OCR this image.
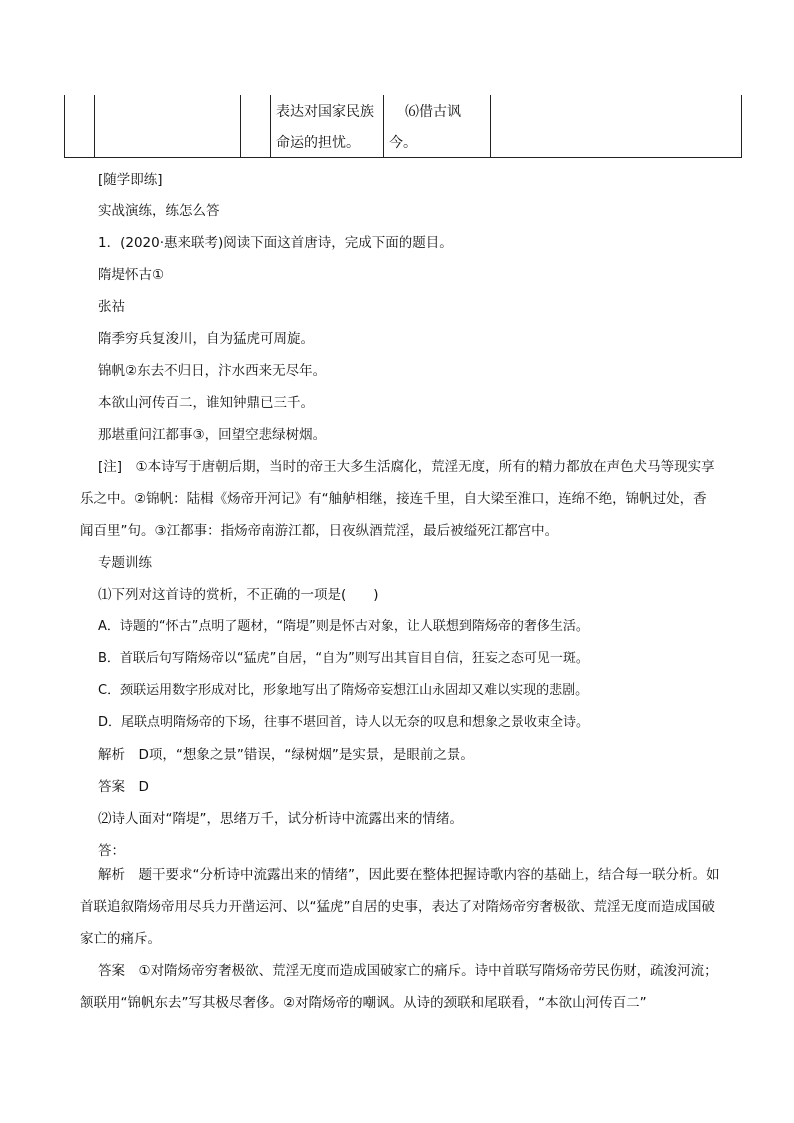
表达对国家民族
命运的担忧。
⑹借古讽
今。
[随学即练]
实战演练，练怎么答
1．(2020·惠来联考)阅读下面这首唐诗，完成下面的题目。
隋堤怀古①
张祜
隋季穷兵复浚川，自为猛虎可周旋。
锦帆②东去不归日，汴水西来无尽年。
本欲山河传百二，谁知钟鼎已三千。
那堪重问江都事③，回望空悲绿树烟。
[注]　①本诗写于唐朝后期，当时的帝王大多生活腐化，荒淫无度，所有的精力都放在声色犬马等现实享乐之中。②锦帆：陆楫《炀帝开河记》有“舳舻相继，接连千里，自大梁至淮口，连绵不绝，锦帆过处，香闻百里”句。③江都事：指炀帝南游江都，日夜纵酒荒淫，最后被缢死江都宫中。
专题训练
⑴下列对这首诗的赏析，不正确的一项是(　　)
A．诗题的“怀古”点明了题材，“隋堤”则是怀古对象，让人联想到隋炀帝的奢侈生活。
B．首联后句写隋炀帝以“猛虎”自居，“自为”则写出其盲目自信，狂妄之态可见一斑。
C．颈联运用数字形成对比，形象地写出了隋炀帝妄想江山永固却又难以实现的悲剧。
D．尾联点明隋炀帝的下场，往事不堪回首，诗人以无奈的叹息和想象之景收束全诗。
解析　D项，“想象之景”错误，“绿树烟”是实景，是眼前之景。
答案　D
⑵诗人面对“隋堤”，思绪万千，试分析诗中流露出来的情绪。
答：
解析　题干要求“分析诗中流露出来的情绪”，因此要在整体把握诗歌内容的基础上，结合每一联分析。如首联追叙隋炀帝用尽兵力开凿运河、以“猛虎”自居的史事，表达了对隋炀帝穷奢极欲、荒淫无度而造成国破家亡的痛斥。
答案　①对隋炀帝穷奢极欲、荒淫无度而造成国破家亡的痛斥。诗中首联写隋炀帝劳民伤财，疏浚河流；颔联用“锦帆东去”写其极尽奢侈。②对隋炀帝的嘲讽。从诗的颈联和尾联看，“本欲山河传百二”
